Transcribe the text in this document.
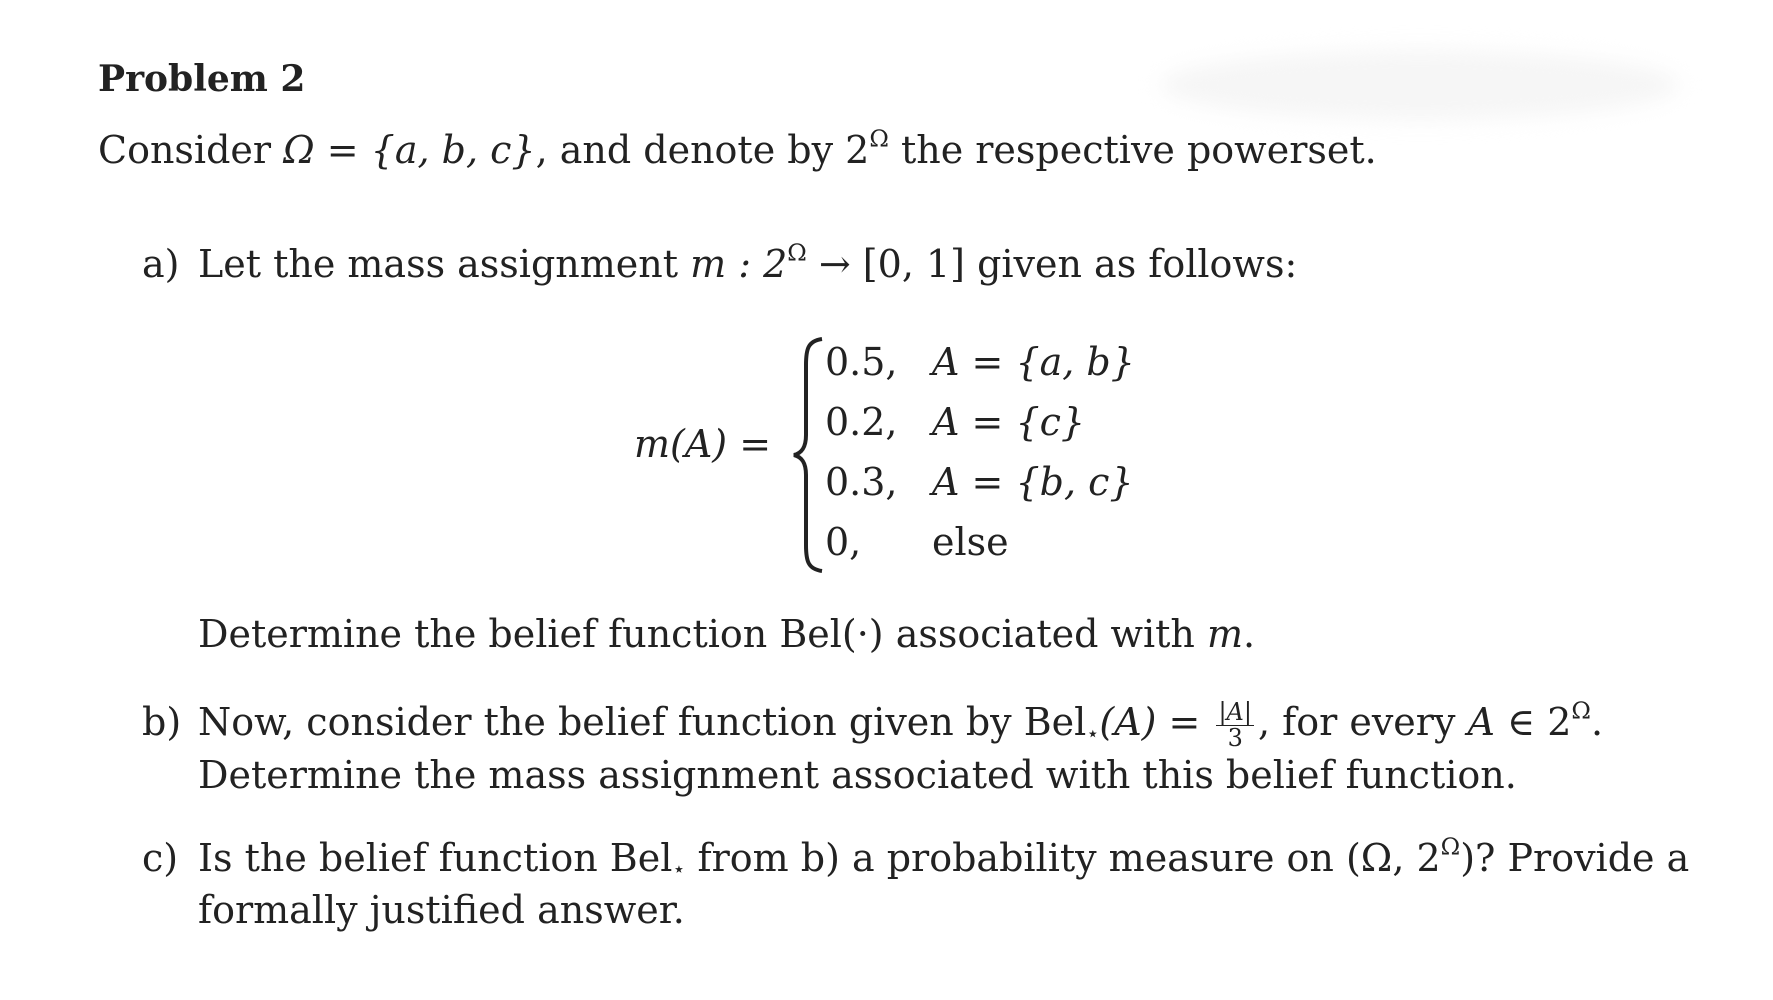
Problem 2
Consider Ω = {a, b, c}, and denote by $2^\Omega$ the respective powerset.
a) Let the mass assignment m : $2^\Omega \to [0$, 1] given as follows:
m(A) =
0.5, A = {a, b}
0.2, A = {c}
0.3, A = {b, c}
0, else
Determine the belief function Bel(·) associated with m.
b) Now, consider the belief function given by $Bel_⋆(A) = \frac{|A|}{3}$ , for every A ∈ $2^\Omega$.
Determine the mass assignment associated with this belief function.
c) Is the belief function Bel$_⋆$ from b) a probability measure on (Ω, $2^\Omega$)? Provide a
formally justified answer.
